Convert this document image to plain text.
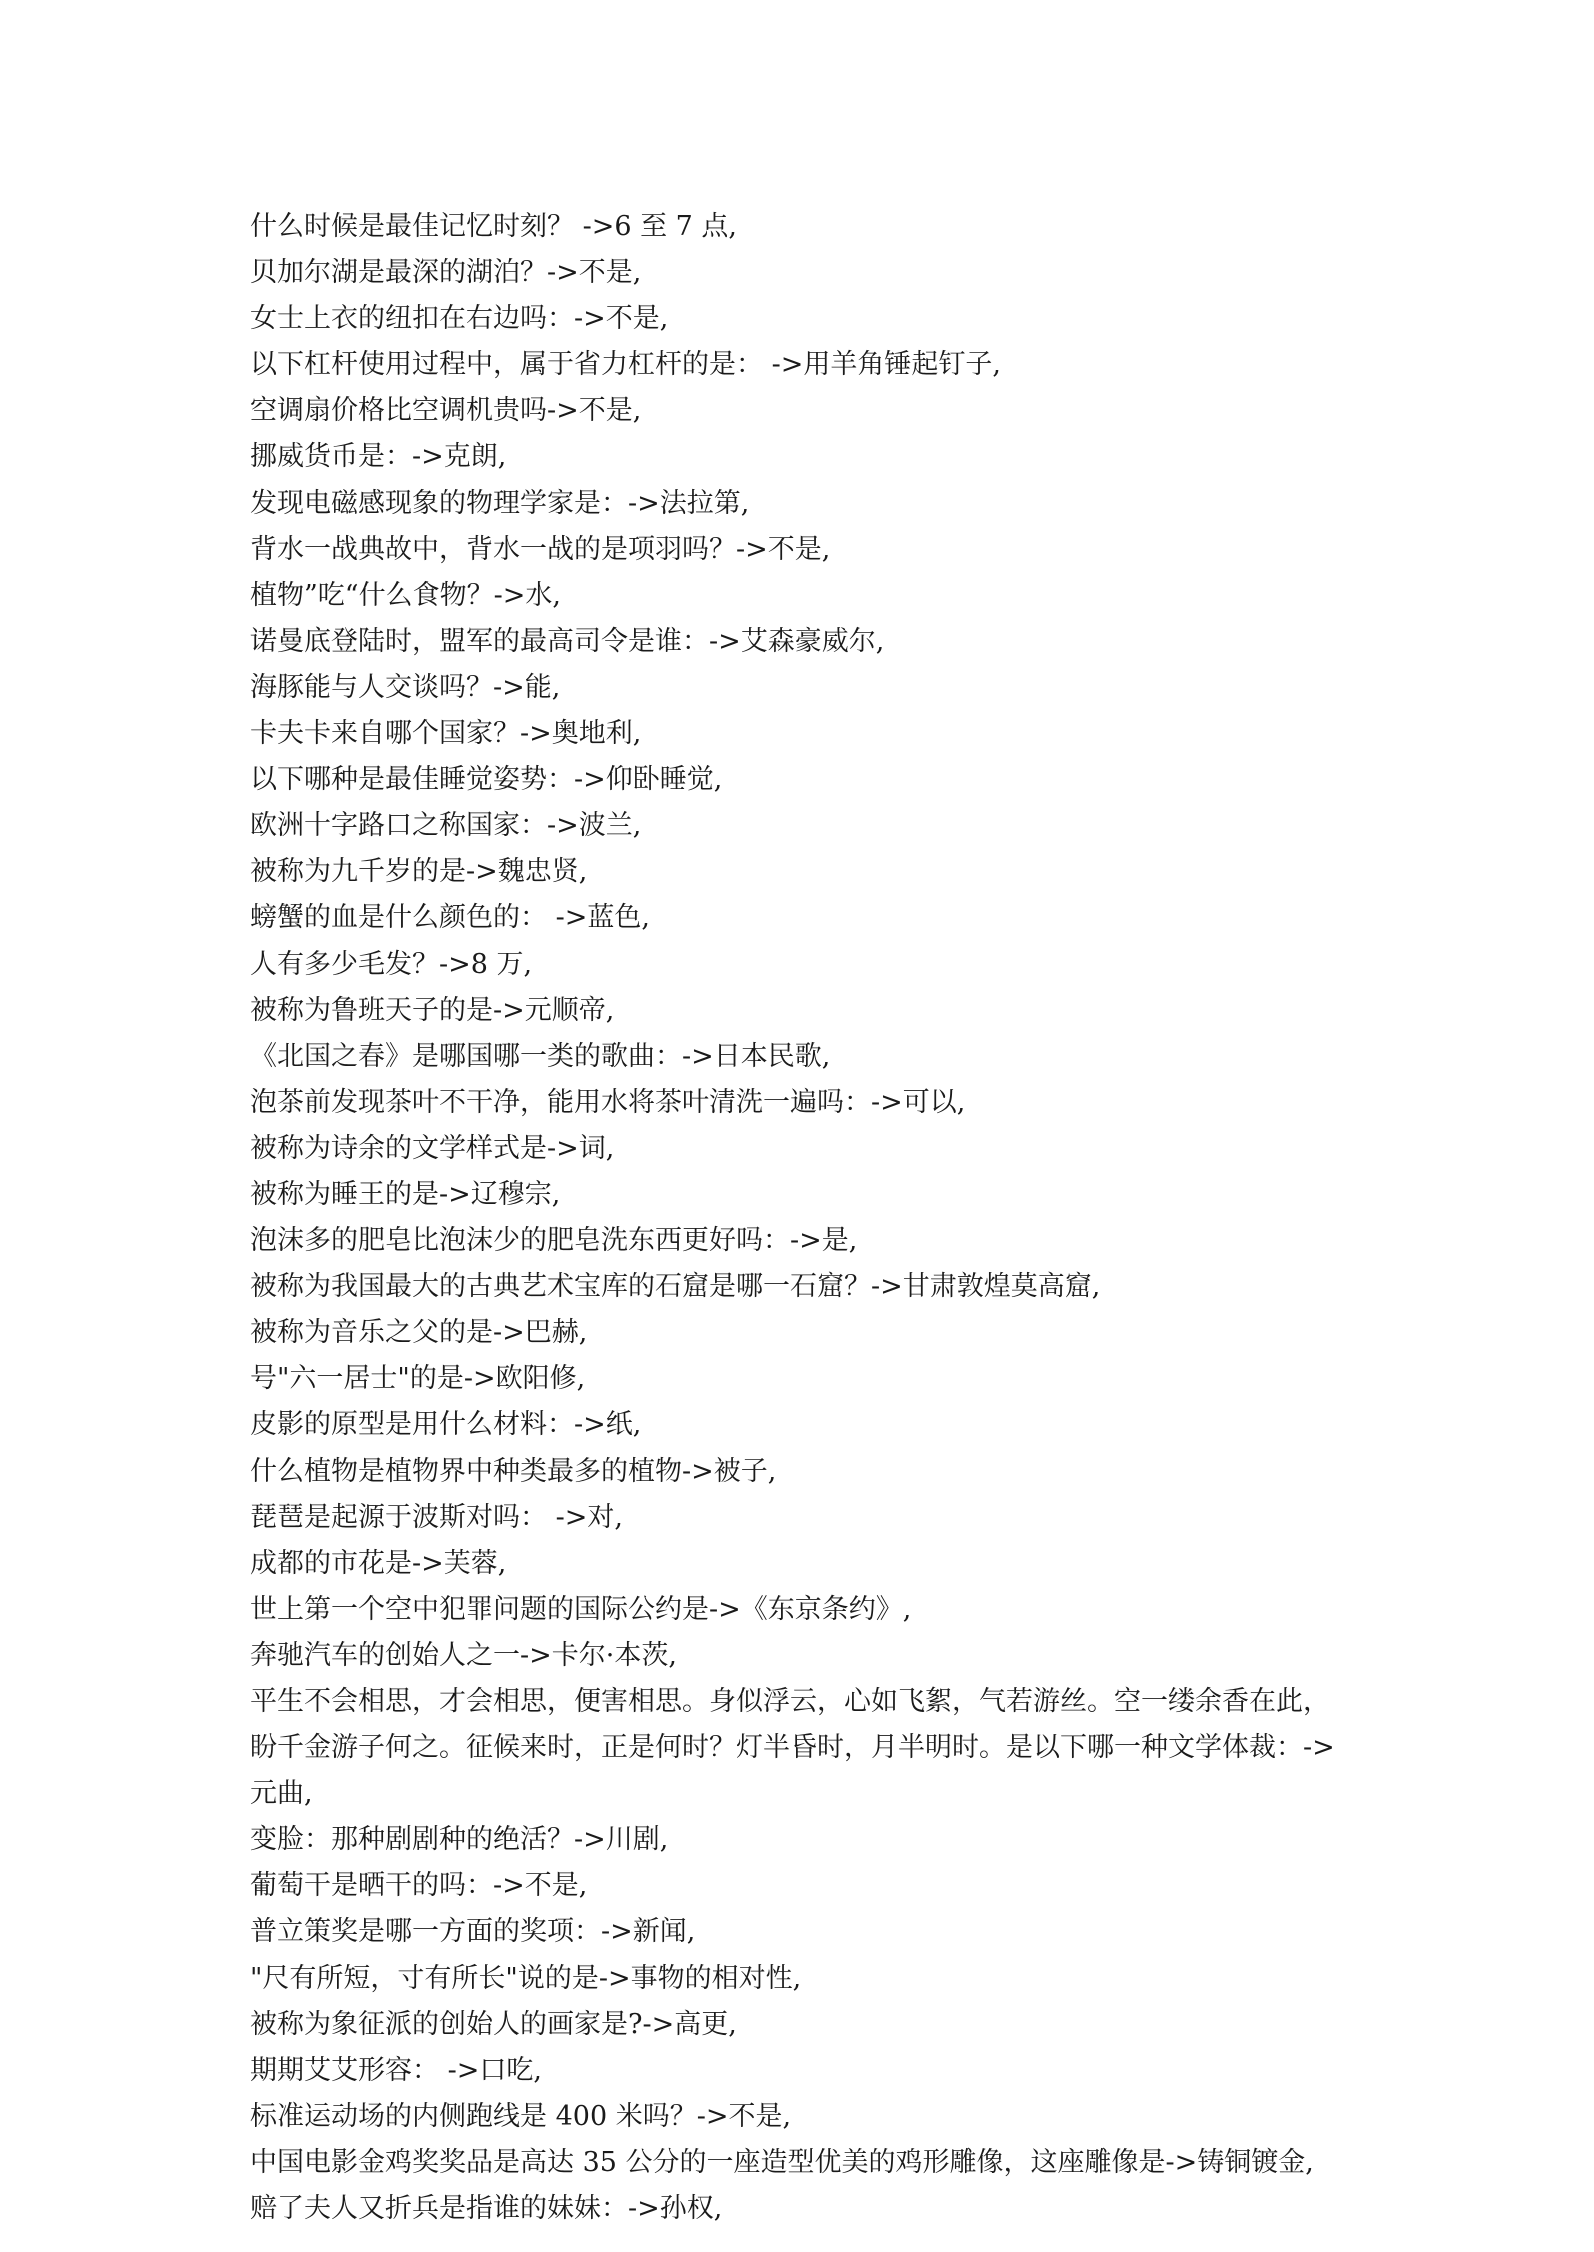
什么时候是最佳记忆时刻？ ->6 至 7 点,

贝加尔湖是最深的湖泊？->不是,

女士上衣的纽扣在右边吗：->不是,

以下杠杆使用过程中，属于省力杠杆的是： ->用羊角锤起钉子,

空调扇价格比空调机贵吗->不是,

挪威货币是：->克朗,

发现电磁感现象的物理学家是：->法拉第,

背水一战典故中，背水一战的是项羽吗？->不是,

植物”吃“什么食物？->水,

诺曼底登陆时，盟军的最高司令是谁：->艾森豪威尔,

海豚能与人交谈吗？->能,

卡夫卡来自哪个国家？->奥地利,

以下哪种是最佳睡觉姿势：->仰卧睡觉,

欧洲十字路口之称国家：->波兰,

被称为九千岁的是->魏忠贤,

螃蟹的血是什么颜色的： ->蓝色,

人有多少毛发？->8 万,

被称为鲁班天子的是->元顺帝,

《北国之春》是哪国哪一类的歌曲：->日本民歌,

泡茶前发现茶叶不干净，能用水将茶叶清洗一遍吗：->可以,

被称为诗余的文学样式是->词,

被称为睡王的是->辽穆宗,

泡沫多的肥皂比泡沫少的肥皂洗东西更好吗：->是,

被称为我国最大的古典艺术宝库的石窟是哪一石窟？->甘肃敦煌莫高窟,

被称为音乐之父的是->巴赫,

号"六一居士"的是->欧阳修,

皮影的原型是用什么材料：->纸,

什么植物是植物界中种类最多的植物->被子,

琵琶是起源于波斯对吗： ->对,

成都的市花是->芙蓉,

世上第一个空中犯罪问题的国际公约是->《东京条约》,

奔驰汽车的创始人之一->卡尔·本茨,

平生不会相思，才会相思，便害相思。身似浮云，心如飞絮，气若游丝。空一缕余香在此，

盼千金游子何之。征候来时，正是何时？灯半昏时，月半明时。是以下哪一种文学体裁：->

元曲,

变脸：那种剧剧种的绝活？->川剧,

葡萄干是晒干的吗：->不是,

普立策奖是哪一方面的奖项：->新闻,

"尺有所短，寸有所长"说的是->事物的相对性,

被称为象征派的创始人的画家是?->高更,

期期艾艾形容： ->口吃,

标准运动场的内侧跑线是 400 米吗？->不是,

中国电影金鸡奖奖品是高达 35 公分的一座造型优美的鸡形雕像，这座雕像是->铸铜镀金,

赔了夫人又折兵是指谁的妹妹：->孙权,
